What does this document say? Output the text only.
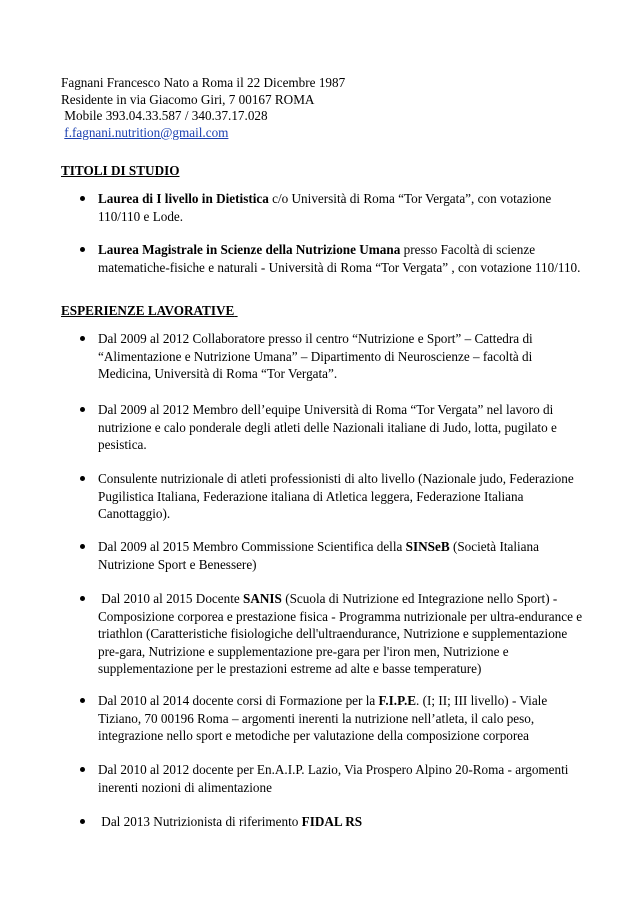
Fagnani Francesco Nato a Roma il 22 Dicembre 1987
Residente in via Giacomo Giri, 7 00167 ROMA
Mobile 393.04.33.587 / 340.37.17.028
f.fagnani.nutrition@gmail.com
TITOLI DI STUDIO
Laurea di I livello in Dietistica c/o Università di Roma “Tor Vergata”, con votazione 110/110 e Lode.
Laurea Magistrale in Scienze della Nutrizione Umana presso Facoltà di scienze matematiche-fisiche e naturali - Università di Roma “Tor Vergata” , con votazione 110/110.
ESPERIENZE LAVORATIVE
Dal 2009 al 2012 Collaboratore presso il centro “Nutrizione e Sport” – Cattedra di “Alimentazione e Nutrizione Umana” – Dipartimento di Neuroscienze – facoltà di Medicina, Università di Roma “Tor Vergata”.
Dal 2009 al 2012 Membro dell’equipe Università di Roma “Tor Vergata” nel lavoro di nutrizione e calo ponderale degli atleti delle Nazionali italiane di Judo, lotta, pugilato e pesistica.
Consulente nutrizionale di atleti professionisti di alto livello (Nazionale judo, Federazione Pugilistica Italiana, Federazione italiana di Atletica leggera, Federazione Italiana Canottaggio).
Dal 2009 al 2015 Membro Commissione Scientifica della SINSeB (Società Italiana Nutrizione Sport e Benessere)
Dal 2010 al 2015 Docente SANIS (Scuola di Nutrizione ed Integrazione nello Sport) - Composizione corporea e prestazione fisica - Programma nutrizionale per ultra-endurance e triathlon (Caratteristiche fisiologiche dell'ultraendurance, Nutrizione e supplementazione pre-gara, Nutrizione e supplementazione pre-gara per l'iron men, Nutrizione e supplementazione per le prestazioni estreme ad alte e basse temperature)
Dal 2010 al 2014 docente corsi di Formazione per la F.I.P.E. (I; II; III livello) - Viale Tiziano, 70 00196 Roma – argomenti inerenti la nutrizione nell’atleta, il calo peso, integrazione nello sport e metodiche per valutazione della composizione corporea
Dal 2010 al 2012 docente per En.A.I.P. Lazio, Via Prospero Alpino 20-Roma - argomenti inerenti nozioni di alimentazione
Dal 2013 Nutrizionista di riferimento FIDAL RS
